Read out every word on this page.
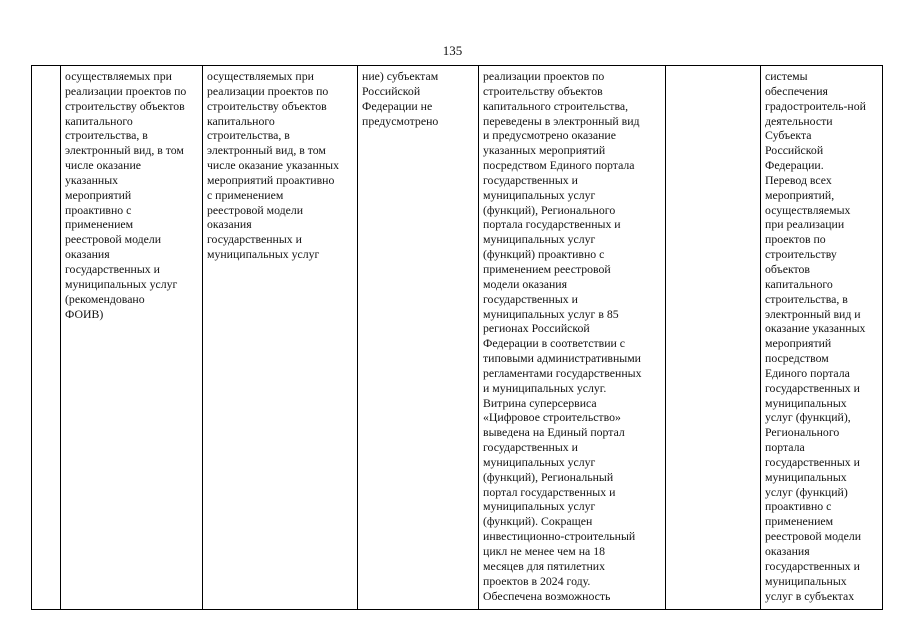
135

осуществляемых при
реализации проектов по
строительству объектов
капитального
строительства, в
электронный вид, в том
числе оказание
указанных
мероприятий
проактивно с
применением
реестровой модели
оказания
государственных и
муниципальных услуг
(рекомендовано
ФОИВ)

осуществляемых при
реализации проектов по
строительству объектов
капитального
строительства, в
электронный вид, в том
числе оказание указанных
мероприятий проактивно
с применением
реестровой модели
оказания
государственных и
муниципальных услуг

ние) субъектам
Российской
Федерации не
предусмотрено

реализации проектов по
строительству объектов
капитального строительства,
переведены в электронный вид
и предусмотрено оказание
указанных мероприятий
посредством Единого портала
государственных и
муниципальных услуг
(функций), Регионального
портала государственных и
муниципальных услуг
(функций) проактивно с
применением реестровой
модели оказания
государственных и
муниципальных услуг в 85
регионах Российской
Федерации в соответствии с
типовыми административными
регламентами государственных
и муниципальных услуг.
Витрина суперсервиса
«Цифровое строительство»
выведена на Единый портал
государственных и
муниципальных услуг
(функций), Региональный
портал государственных и
муниципальных услуг
(функций). Сокращен
инвестиционно-строительный
цикл не менее чем на 18
месяцев для пятилетних
проектов в 2024 году.
Обеспечена возможность

системы
обеспечения
градостроитель-ной
деятельности
Субъекта
Российской
Федерации.
Перевод всех
мероприятий,
осуществляемых
при реализации
проектов по
строительству
объектов
капитального
строительства, в
электронный вид и
оказание указанных
мероприятий
посредством
Единого портала
государственных и
муниципальных
услуг (функций),
Регионального
портала
государственных и
муниципальных
услуг (функций)
проактивно с
применением
реестровой модели
оказания
государственных и
муниципальных
услуг в субъектах
